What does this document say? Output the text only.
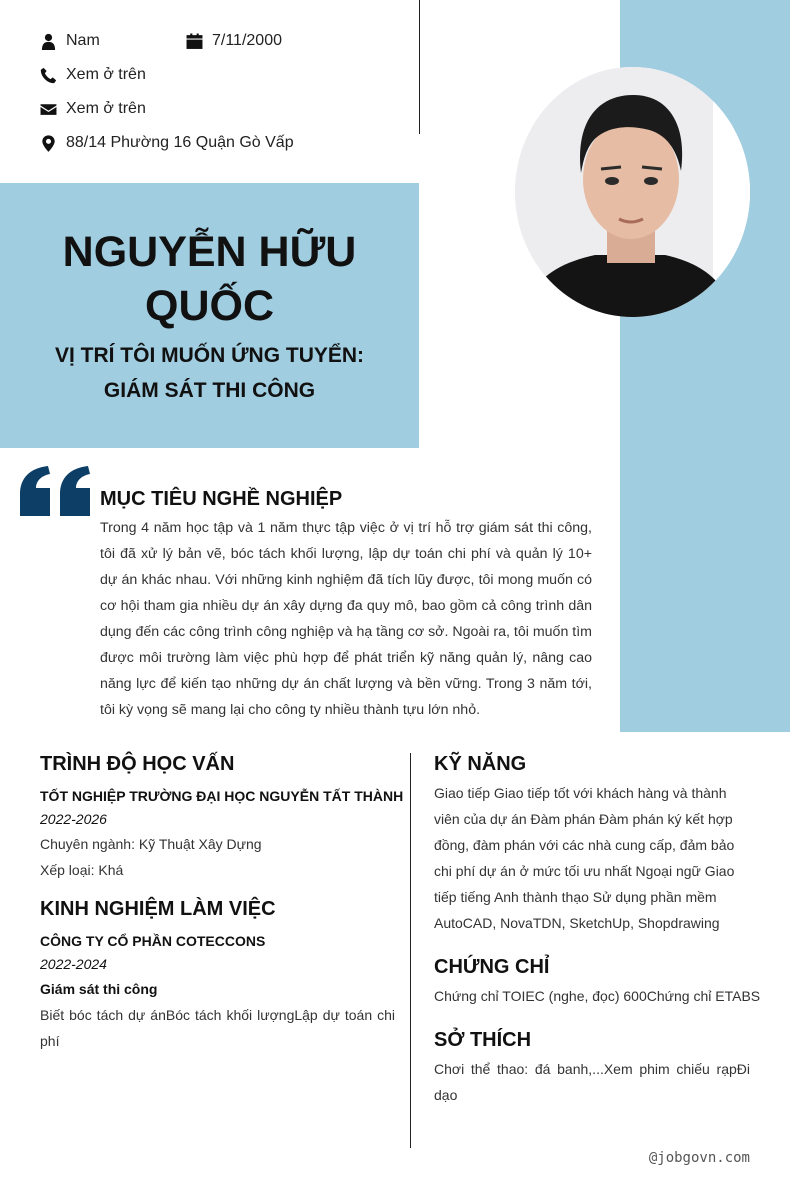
Nam	7/11/2000
Xem ở trên
Xem ở trên
88/14 Phường 16 Quận Gò Vấp
NGUYỄN HỮU
QUỐC
VỊ TRÍ TÔI MUỐN ỨNG TUYỂN:
GIÁM SÁT THI CÔNG
MỤC TIÊU NGHỀ NGHIỆP

Trong 4 năm học tập và 1 năm thực tập việc ở vị trí hỗ trợ giám sát thi công, tôi đã xử lý bản vẽ, bóc tách khối lượng, lập dự toán chi phí và quản lý 10+ dự án khác nhau. Với những kinh nghiệm đã tích lũy được, tôi mong muốn có cơ hội tham gia nhiều dự án xây dựng đa quy mô, bao gồm cả công trình dân dụng đến các công trình công nghiệp và hạ tầng cơ sở. Ngoài ra, tôi muốn tìm được môi trường làm việc phù hợp để phát triển kỹ năng quản lý, nâng cao năng lực để kiến tạo những dự án chất lượng và bền vững. Trong 3 năm tới, tôi kỳ vọng sẽ mang lại cho công ty nhiều thành tựu lớn nhỏ.

TRÌNH ĐỘ HỌC VẤN

TỐT NGHIỆP TRƯỜNG ĐẠI HỌC NGUYỄN TẤT THÀNH

2022-2026

Chuyên ngành: Kỹ Thuật Xây Dựng

Xếp loại: Khá

KINH NGHIỆM LÀM VIỆC

CÔNG TY CỔ PHẦN COTECCONS

2022-2024

Giám sát thi công

Biết bóc tách dự ánBóc tách khối lượngLập dự toán chi phí

KỸ NĂNG

Giao tiếp Giao tiếp tốt với khách hàng và thành viên của dự án Đàm phán Đàm phán ký kết hợp đồng, đàm phán với các nhà cung cấp, đảm bảo chi phí dự án ở mức tối ưu nhất Ngoại ngữ Giao tiếp tiếng Anh thành thạo Sử dụng phần mềm AutoCAD, NovaTDN, SketchUp, Shopdrawing

CHỨNG CHỈ

Chứng chỉ TOIEC (nghe, đọc) 600Chứng chỉ ETABS

SỞ THÍCH

Chơi thể thao: đá banh,...Xem phim chiếu rạpĐi dạo

@jobgovn.com
